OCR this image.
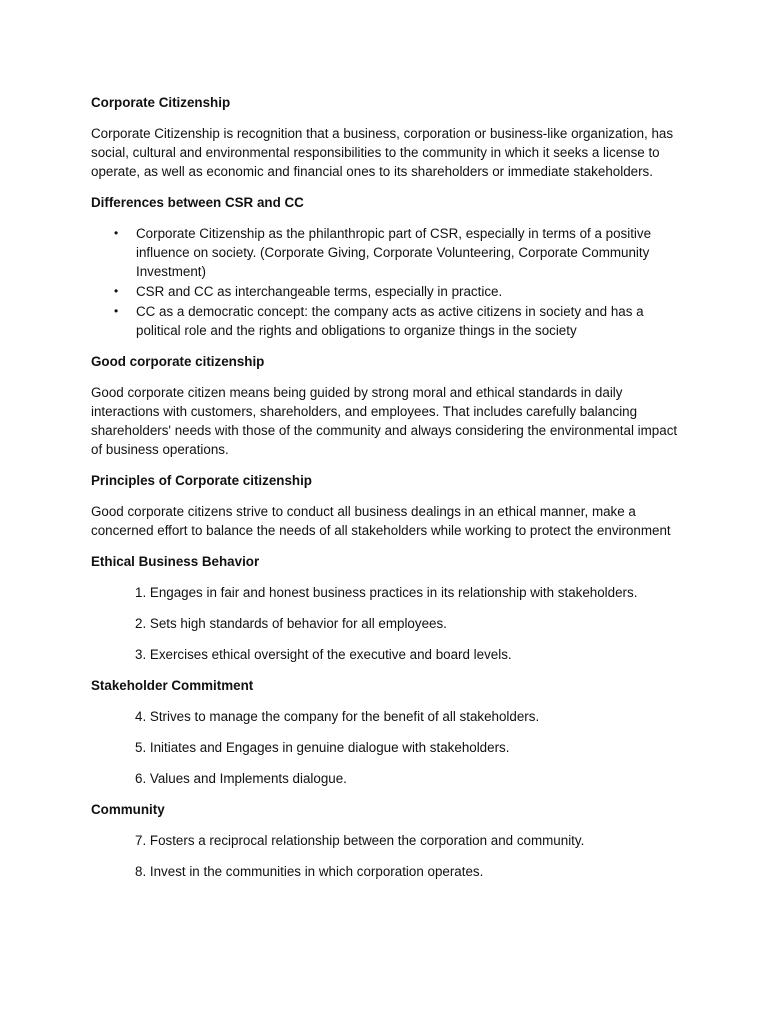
Corporate Citizenship
Corporate Citizenship is recognition that a business, corporation or business-like organization, has social, cultural and environmental responsibilities to the community in which it seeks a license to operate, as well as economic and financial ones to its shareholders or immediate stakeholders.
Differences between CSR and CC
• Corporate Citizenship as the philanthropic part of CSR, especially in terms of a positive influence on society. (Corporate Giving, Corporate Volunteering, Corporate Community Investment)
• CSR and CC as interchangeable terms, especially in practice.
• CC as a democratic concept: the company acts as active citizens in society and has a political role and the rights and obligations to organize things in the society
Good corporate citizenship
Good corporate citizen means being guided by strong moral and ethical standards in daily interactions with customers, shareholders, and employees. That includes carefully balancing shareholders' needs with those of the community and always considering the environmental impact of business operations.
Principles of Corporate citizenship
Good corporate citizens strive to conduct all business dealings in an ethical manner, make a concerned effort to balance the needs of all stakeholders while working to protect the environment
Ethical Business Behavior
1. Engages in fair and honest business practices in its relationship with stakeholders.
2. Sets high standards of behavior for all employees.
3. Exercises ethical oversight of the executive and board levels.
Stakeholder Commitment
4. Strives to manage the company for the benefit of all stakeholders.
5. Initiates and Engages in genuine dialogue with stakeholders.
6. Values and Implements dialogue.
Community
7. Fosters a reciprocal relationship between the corporation and community.
8. Invest in the communities in which corporation operates.
